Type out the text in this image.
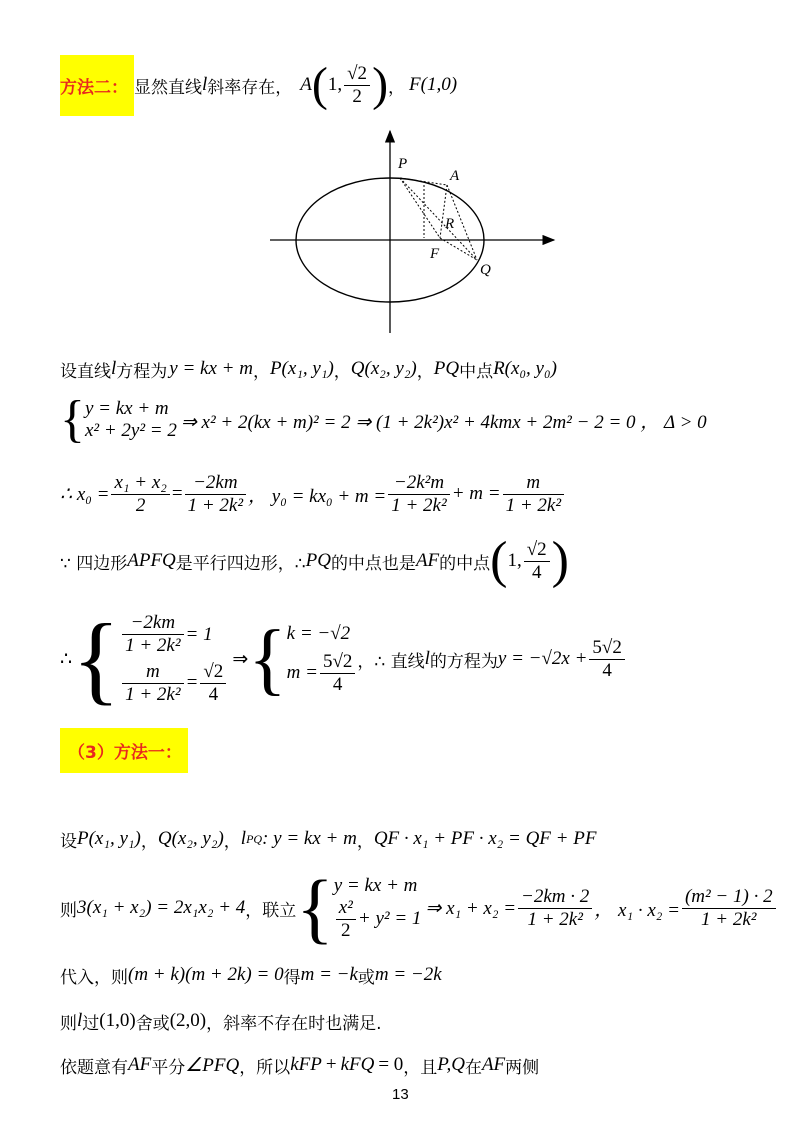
方法二： 显然直线 l 斜率存在， A ( 1, $\frac{√2}{2}$ ) ， F(1,0)
P
A
R
F
Q
设直线 l 方程为 y = kx + m ， P(x₁, y₁) ， Q(x₂, y₂) ， PQ 中点 R(x₀, y₀)
{ y = kx + m
x² + 2y² = 2 ⇒ x² + 2(kx + m)² = 2 ⇒ (1 + 2k²)x² + 4kmx + 2m² − 2 = 0 ， Δ > 0
∴ $x_0 = \frac{\text{x₁ + x₂}}{2} = \frac{-2km}{\text{1 + 2k²}}$ ， $y_0 = kx_0 + m = \frac{\text{−2k²m}}{\text{1 + 2k²}} + m = \frac{m}{\text{1 + 2k²}}$
∵ 四边形 APFQ 是平行四边形，∴ PQ 的中点也是 AF 的中点 ( 1, $\frac{√2}{4}$ )
∴ { $\frac{-2km}{\text{1 + 2k²}} = 1$
$\frac{m}{\text{1 + 2k²}} = \frac{√2}{4}$
⇒ { k = −√2
$m = \frac{5√2}{4}$ ，∴ 直线 l 的方程为 $y = -√2x + \frac{5√2}{4}$
（3）方法一：
设 P(x₁, y₁) ， Q(x₂, y₂) ， l PQ : y = kx + m ， QF · x₁ + PF · x₂ = QF + PF
则 3(x₁ + x₂) = 2x₁x₂ + 4 ，联立 { y = kx + m
$\frac{\text{x²}}{2} + y^2 = 1$ ⇒ $x_1 + x_2 = \frac{-2km \cdot 2}{\text{1 + 2k²}}$ ， $x_1 \cdot x_2 = \frac{\text{(m² − 1) · 2}}{\text{1 + 2k²}}$
代入，则 (m + k)(m + 2k) = 0 得 m = −k 或 m = −2k
则 l 过 (1,0) 舍或 (2,0) ，斜率不存在时也满足.
依题意有 AF 平分 ∠PFQ ，所以 k FP + k FQ = 0 ，且 P,Q 在 AF 两侧
13
